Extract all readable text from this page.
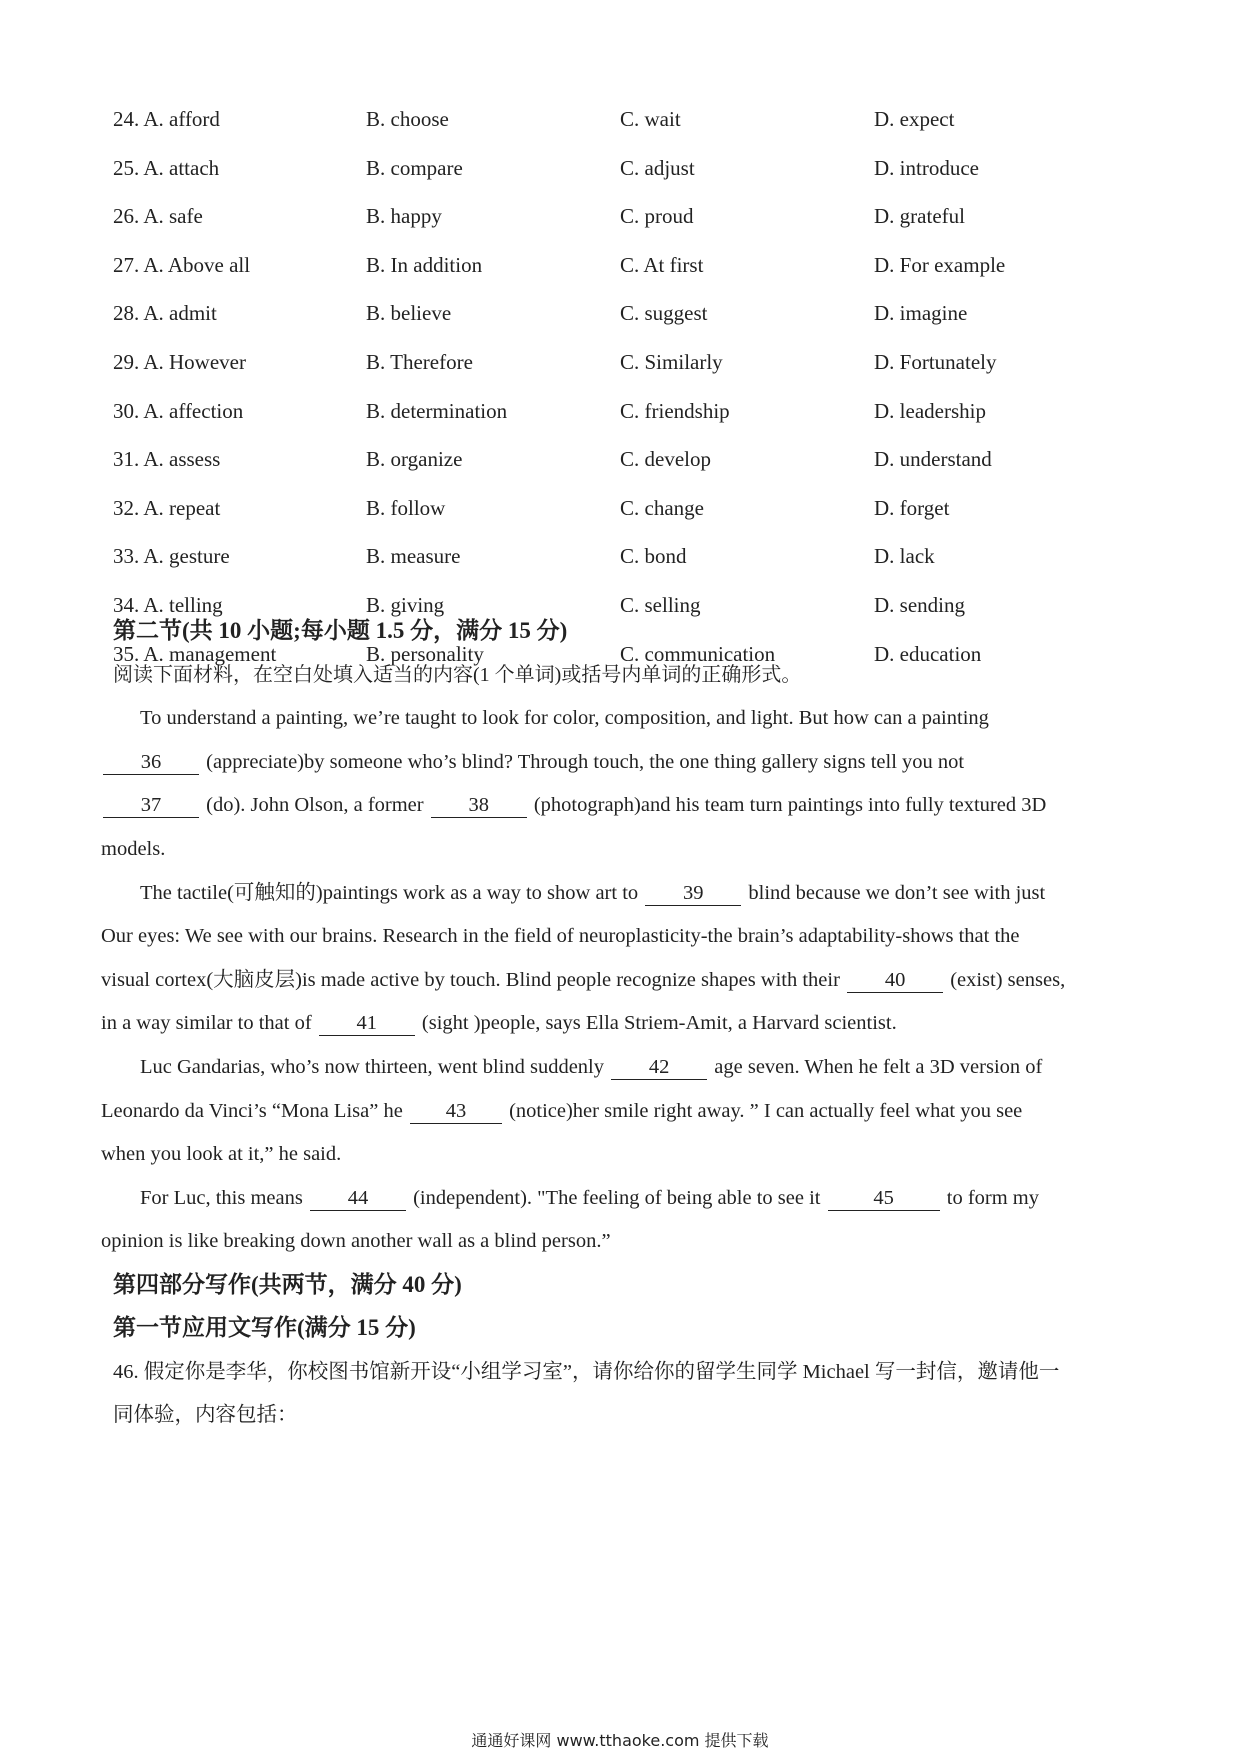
24. A. afford	B. choose	C. wait	D. expect
25. A. attach	B. compare	C. adjust	D. introduce
26. A. safe	B. happy	C. proud	D. grateful
27. A. Above all	B. In addition	C. At first	D. For example
28. A. admit	B. believe	C. suggest	D. imagine
29. A. However	B. Therefore	C. Similarly	D. Fortunately
30. A. affection	B. determination	C. friendship	D. leadership
31. A. assess	B. organize	C. develop	D. understand
32. A. repeat	B. follow	C. change	D. forget
33. A. gesture	B. measure	C. bond	D. lack
34. A. telling	B. giving	C. selling	D. sending
35. A. management	B. personality	C. communication	D. education
第二节(共 10 小题;每小题 1.5 分，满分 15 分)
阅读下面材料，在空白处填入适当的内容(1 个单词)或括号内单词的正确形式。
To understand a painting, we’re taught to look for color, composition, and light. But how can a painting
36 (appreciate)by someone who’s blind? Through touch, the one thing gallery signs tell you not
37 (do). John Olson, a former 38 (photograph)and his team turn paintings into fully textured 3D
models.
The tactile(可触知的)paintings work as a way to show art to 39 blind because we don’t see with just
Our eyes: We see with our brains. Research in the field of neuroplasticity-the brain’s adaptability-shows that the
visual cortex(大脑皮层)is made active by touch. Blind people recognize shapes with their 40 (exist) senses,
in a way similar to that of 41 (sight )people, says Ella Striem-Amit, a Harvard scientist.
Luc Gandarias, who’s now thirteen, went blind suddenly 42 age seven. When he felt a 3D version of
Leonardo da Vinci’s “Mona Lisa” he 43 (notice)her smile right away. ” I can actually feel what you see
when you look at it,” he said.
For Luc, this means 44 (independent). "The feeling of being able to see it	45	to form my
opinion is like breaking down another wall as a blind person.”
第四部分写作(共两节，满分 40 分)
第一节应用文写作(满分 15 分)
46. 假定你是李华，你校图书馆新开设“小组学习室”，请你给你的留学生同学 Michael 写一封信，邀请他一
同体验，内容包括：
通通好课网 www.tthaoke.com 提供下载
